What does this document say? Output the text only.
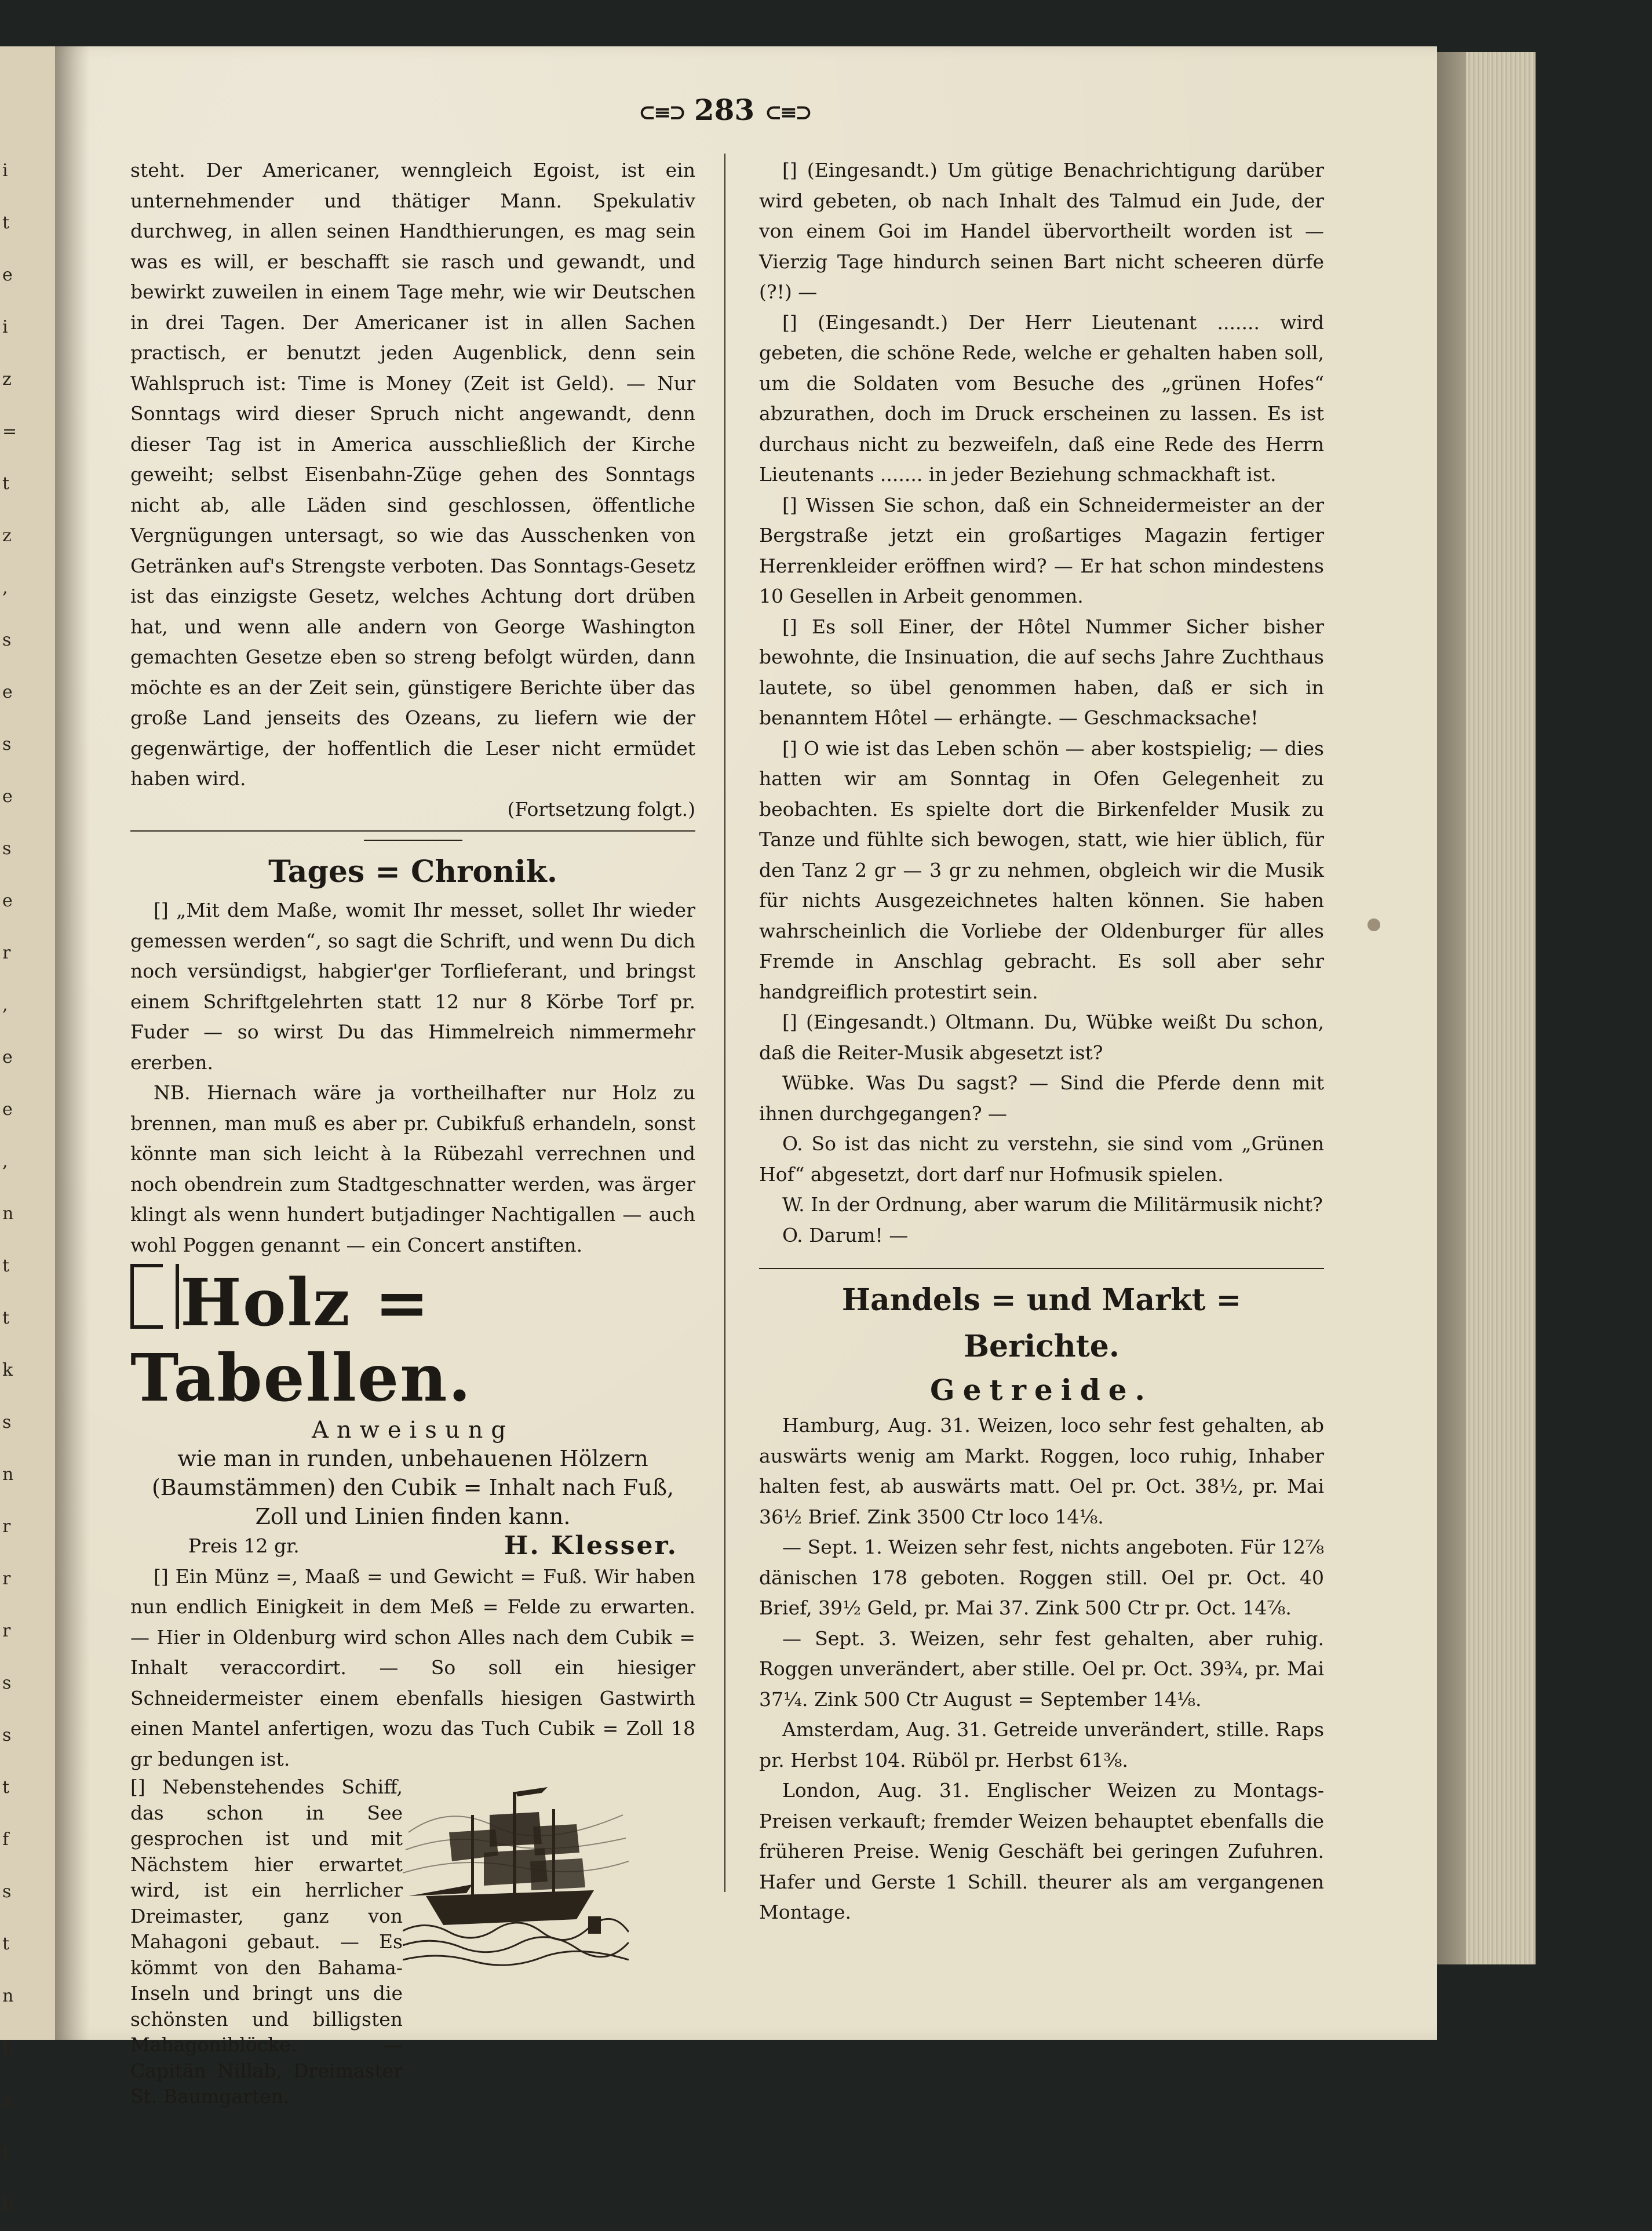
i
t
e
i
z
=
t
z
,
s
e
s
e
s
e
r
,
e
e
,
n
t
t
k
s
n
r
r
r
s
s
t
f
s
t
n
h
z
t
b
⊂≡⊃ 283 ⊂≡⊃

steht. Der Americaner, wenngleich Egoist, ist ein unternehmender und thätiger Mann. Spekulativ durchweg, in allen seinen Handthierungen, es mag sein was es will, er beschafft sie rasch und gewandt, und bewirkt zuweilen in einem Tage mehr, wie wir Deutschen in drei Tagen. Der Americaner ist in allen Sachen practisch, er benutzt jeden Augenblick, denn sein Wahlspruch ist: Time is Money (Zeit ist Geld). — Nur Sonntags wird dieser Spruch nicht angewandt, denn dieser Tag ist in America ausschließlich der Kirche geweiht; selbst Eisenbahn-Züge gehen des Sonntags nicht ab, alle Läden sind geschlossen, öffentliche Vergnügungen untersagt, so wie das Ausschenken von Getränken auf's Strengste verboten. Das Sonntags-Gesetz ist das einzigste Gesetz, welches Achtung dort drüben hat, und wenn alle andern von George Washington gemachten Gesetze eben so streng befolgt würden, dann möchte es an der Zeit sein, günstigere Berichte über das große Land jenseits des Ozeans, zu liefern wie der gegenwärtige, der hoffentlich die Leser nicht ermüdet haben wird.

(Fortsetzung folgt.)

Tages = Chronik.

[] „Mit dem Maße, womit Ihr messet, sollet Ihr wieder gemessen werden“, so sagt die Schrift, und wenn Du dich noch versündigst, habgier'ger Torflieferant, und bringst einem Schriftgelehrten statt 12 nur 8 Körbe Torf pr. Fuder — so wirst Du das Himmelreich nimmermehr ererben.

NB. Hiernach wäre ja vortheilhafter nur Holz zu brennen, man muß es aber pr. Cubikfuß erhandeln, sonst könnte man sich leicht à la Rübezahl verrechnen und noch obendrein zum Stadtgeschnatter werden, was ärger klingt als wenn hundert butjadinger Nachtigallen — auch wohl Poggen genannt — ein Concert anstiften.

Holz = Tabellen.
Anweisung

wie man in runden, unbehauenen Hölzern (Baumstämmen) den Cubik = Inhalt nach Fuß, Zoll und Linien finden kann.

Preis 12 gr.	H. Klesser.

[] Ein Münz =, Maaß = und Gewicht = Fuß. Wir haben nun endlich Einigkeit in dem Meß = Felde zu erwarten. — Hier in Oldenburg wird schon Alles nach dem Cubik = Inhalt veraccordirt. — So soll ein hiesiger Schneidermeister einem ebenfalls hiesigen Gastwirth einen Mantel anfertigen, wozu das Tuch Cubik = Zoll 18 gr bedungen ist.

[] Nebenstehendes Schiff, das schon in See gesprochen ist und mit Nächstem hier erwartet wird, ist ein herrlicher Dreimaster, ganz von Mahagoni gebaut. — Es kömmt von den Bahama-Inseln und bringt uns die schönsten und billigsten Mahagoniblöcke. — Capitän Nillab, Dreimaster St. Baumgarten.

[] (Eingesandt.) Um gütige Benachrichtigung darüber wird gebeten, ob nach Inhalt des Talmud ein Jude, der von einem Goi im Handel übervortheilt worden ist — Vierzig Tage hindurch seinen Bart nicht scheeren dürfe (?!) —

[] (Eingesandt.) Der Herr Lieutenant ....... wird gebeten, die schöne Rede, welche er gehalten haben soll, um die Soldaten vom Besuche des „grünen Hofes“ abzurathen, doch im Druck erscheinen zu lassen. Es ist durchaus nicht zu bezweifeln, daß eine Rede des Herrn Lieutenants ....... in jeder Beziehung schmackhaft ist.

[] Wissen Sie schon, daß ein Schneidermeister an der Bergstraße jetzt ein großartiges Magazin fertiger Herrenkleider eröffnen wird? — Er hat schon mindestens 10 Gesellen in Arbeit genommen.

[] Es soll Einer, der Hôtel Nummer Sicher bisher bewohnte, die Insinuation, die auf sechs Jahre Zuchthaus lautete, so übel genommen haben, daß er sich in benanntem Hôtel — erhängte. — Geschmacksache!

[] O wie ist das Leben schön — aber kostspielig; — dies hatten wir am Sonntag in Ofen Gelegenheit zu beobachten. Es spielte dort die Birkenfelder Musik zu Tanze und fühlte sich bewogen, statt, wie hier üblich, für den Tanz 2 gr — 3 gr zu nehmen, obgleich wir die Musik für nichts Ausgezeichnetes halten können. Sie haben wahrscheinlich die Vorliebe der Oldenburger für alles Fremde in Anschlag gebracht. Es soll aber sehr handgreiflich protestirt sein.

[] (Eingesandt.) Oltmann. Du, Wübke weißt Du schon, daß die Reiter-Musik abgesetzt ist?

Wübke. Was Du sagst? — Sind die Pferde denn mit ihnen durchgegangen? —

O. So ist das nicht zu verstehn, sie sind vom „Grünen Hof“ abgesetzt, dort darf nur Hofmusik spielen.

W. In der Ordnung, aber warum die Militärmusik nicht?

O. Darum! —

Handels = und Markt = Berichte.
Getreide.

Hamburg, Aug. 31. Weizen, loco sehr fest gehalten, ab auswärts wenig am Markt. Roggen, loco ruhig, Inhaber halten fest, ab auswärts matt. Oel pr. Oct. 38½, pr. Mai 36½ Brief. Zink 3500 Ctr loco 14⅛.

— Sept. 1. Weizen sehr fest, nichts angeboten. Für 12⅞ dänischen 178 geboten. Roggen still. Oel pr. Oct. 40 Brief, 39½ Geld, pr. Mai 37. Zink 500 Ctr pr. Oct. 14⅞.

— Sept. 3. Weizen, sehr fest gehalten, aber ruhig. Roggen unverändert, aber stille. Oel pr. Oct. 39¾, pr. Mai 37¼. Zink 500 Ctr August = September 14⅛.

Amsterdam, Aug. 31. Getreide unverändert, stille. Raps pr. Herbst 104. Rüböl pr. Herbst 61⅜.

London, Aug. 31. Englischer Weizen zu Montags-Preisen verkauft; fremder Weizen behauptet ebenfalls die früheren Preise. Wenig Geschäft bei geringen Zufuhren. Hafer und Gerste 1 Schill. theurer als am vergangenen Montage.
